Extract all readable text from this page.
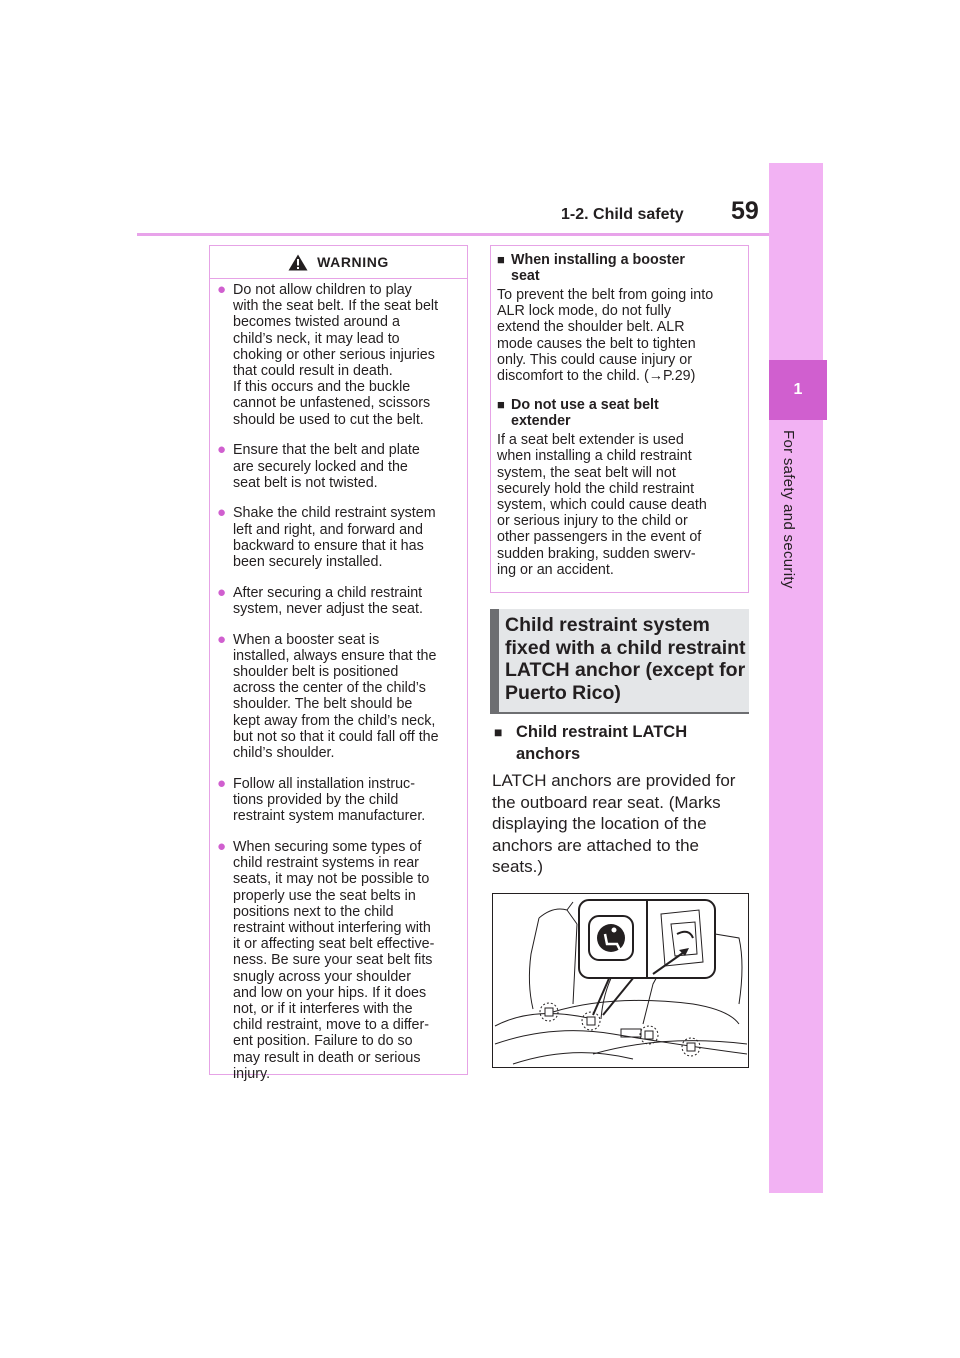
1-2. Child safety 59
1
For safety and security
WARNING
● Do not allow children to play
with the seat belt. If the seat belt
becomes twisted around a
child’s neck, it may lead to
choking or other serious injuries
that could result in death.
If this occurs and the buckle
cannot be unfastened, scissors
should be used to cut the belt.
● Ensure that the belt and plate
are securely locked and the
seat belt is not twisted.
● Shake the child restraint system
left and right, and forward and
backward to ensure that it has
been securely installed.
● After securing a child restraint
system, never adjust the seat.
● When a booster seat is
installed, always ensure that the
shoulder belt is positioned
across the center of the child’s
shoulder. The belt should be
kept away from the child’s neck,
but not so that it could fall off the
child’s shoulder.
● Follow all installation instruc-
tions provided by the child
restraint system manufacturer.
● When securing some types of
child restraint systems in rear
seats, it may not be possible to
properly use the seat belts in
positions next to the child
restraint without interfering with
it or affecting seat belt effective-
ness. Be sure your seat belt fits
snugly across your shoulder
and low on your hips. If it does
not, or if it interferes with the
child restraint, move to a differ-
ent position. Failure to do so
may result in death or serious
injury.
■ When installing a booster
seat
To prevent the belt from going into
ALR lock mode, do not fully
extend the shoulder belt. ALR
mode causes the belt to tighten
only. This could cause injury or
discomfort to the child. (→P.29)
■ Do not use a seat belt
extender
If a seat belt extender is used
when installing a child restraint
system, the seat belt will not
securely hold the child restraint
system, which could cause death
or serious injury to the child or
other passengers in the event of
sudden braking, sudden swerv-
ing or an accident.
Child restraint system
fixed with a child restraint
LATCH anchor (except for
Puerto Rico)
■ Child restraint LATCH
anchors
LATCH anchors are provided for
the outboard rear seat. (Marks
displaying the location of the
anchors are attached to the
seats.)
